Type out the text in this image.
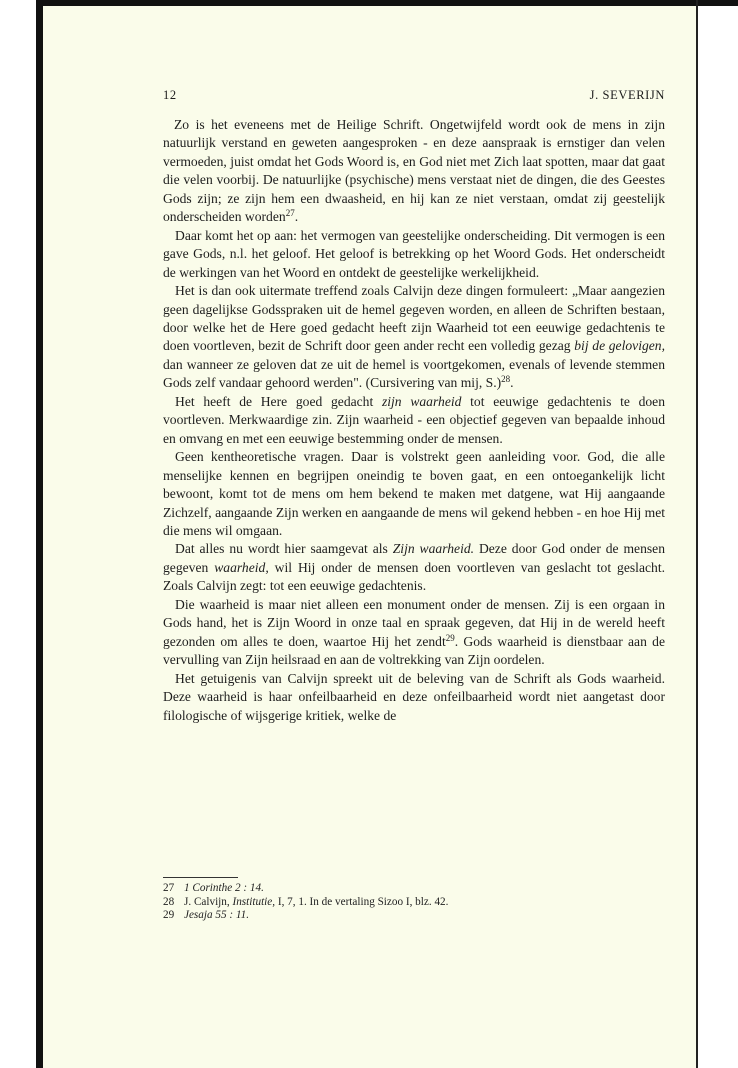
12	J. SEVERIJN

Zo is het eveneens met de Heilige Schrift. Ongetwijfeld wordt ook de mens in zijn natuurlijk verstand en geweten aangesproken - en deze aanspraak is ernstiger dan velen vermoeden, juist omdat het Gods Woord is, en God niet met Zich laat spotten, maar dat gaat die velen voorbij. De natuurlijke (psychische) mens verstaat niet de dingen, die des Geestes Gods zijn; ze zijn hem een dwaasheid, en hij kan ze niet verstaan, omdat zij geestelijk onderscheiden worden$^{27}$.

Daar komt het op aan: het vermogen van geestelijke onderscheiding. Dit vermogen is een gave Gods, n.l. het geloof. Het geloof is betrekking op het Woord Gods. Het onderscheidt de werkingen van het Woord en ontdekt de geestelijke werkelijkheid.

Het is dan ook uitermate treffend zoals Calvijn deze dingen formuleert: „Maar aangezien geen dagelijkse Godsspraken uit de hemel gegeven worden, en alleen de Schriften bestaan, door welke het de Here goed gedacht heeft zijn Waarheid tot een eeuwige gedachtenis te doen voortleven, bezit de Schrift door geen ander recht een volledig gezag bij de gelovigen, dan wanneer ze geloven dat ze uit de hemel is voortgekomen, evenals of levende stemmen Gods zelf vandaar gehoord werden". (Cursivering van mij, S.)$^{28}$.

Het heeft de Here goed gedacht zijn waarheid tot eeuwige gedachtenis te doen voortleven. Merkwaardige zin. Zijn waarheid - een objectief gegeven van bepaalde inhoud en omvang en met een eeuwige bestemming onder de mensen.

Geen kentheoretische vragen. Daar is volstrekt geen aanleiding voor. God, die alle menselijke kennen en begrijpen oneindig te boven gaat, en een ontoegankelijk licht bewoont, komt tot de mens om hem bekend te maken met datgene, wat Hij aangaande Zichzelf, aangaande Zijn werken en aangaande de mens wil gekend hebben - en hoe Hij met die mens wil omgaan.

Dat alles nu wordt hier saamgevat als Zijn waarheid. Deze door God onder de mensen gegeven waarheid, wil Hij onder de mensen doen voortleven van geslacht tot geslacht. Zoals Calvijn zegt: tot een eeuwige gedachtenis.

Die waarheid is maar niet alleen een monument onder de mensen. Zij is een orgaan in Gods hand, het is Zijn Woord in onze taal en spraak gegeven, dat Hij in de wereld heeft gezonden om alles te doen, waartoe Hij het zendt$^{29}$. Gods waarheid is dienstbaar aan de vervulling van Zijn heilsraad en aan de voltrekking van Zijn oordelen.

Het getuigenis van Calvijn spreekt uit de beleving van de Schrift als Gods waarheid. Deze waarheid is haar onfeilbaarheid en deze onfeilbaarheid wordt niet aangetast door filologische of wijsgerige kritiek, welke de

27 1 Corinthe 2 : 14.
28 J. Calvijn, Institutie, I, 7, 1. In de vertaling Sizoo I, blz. 42.
29 Jesaja 55 : 11.
